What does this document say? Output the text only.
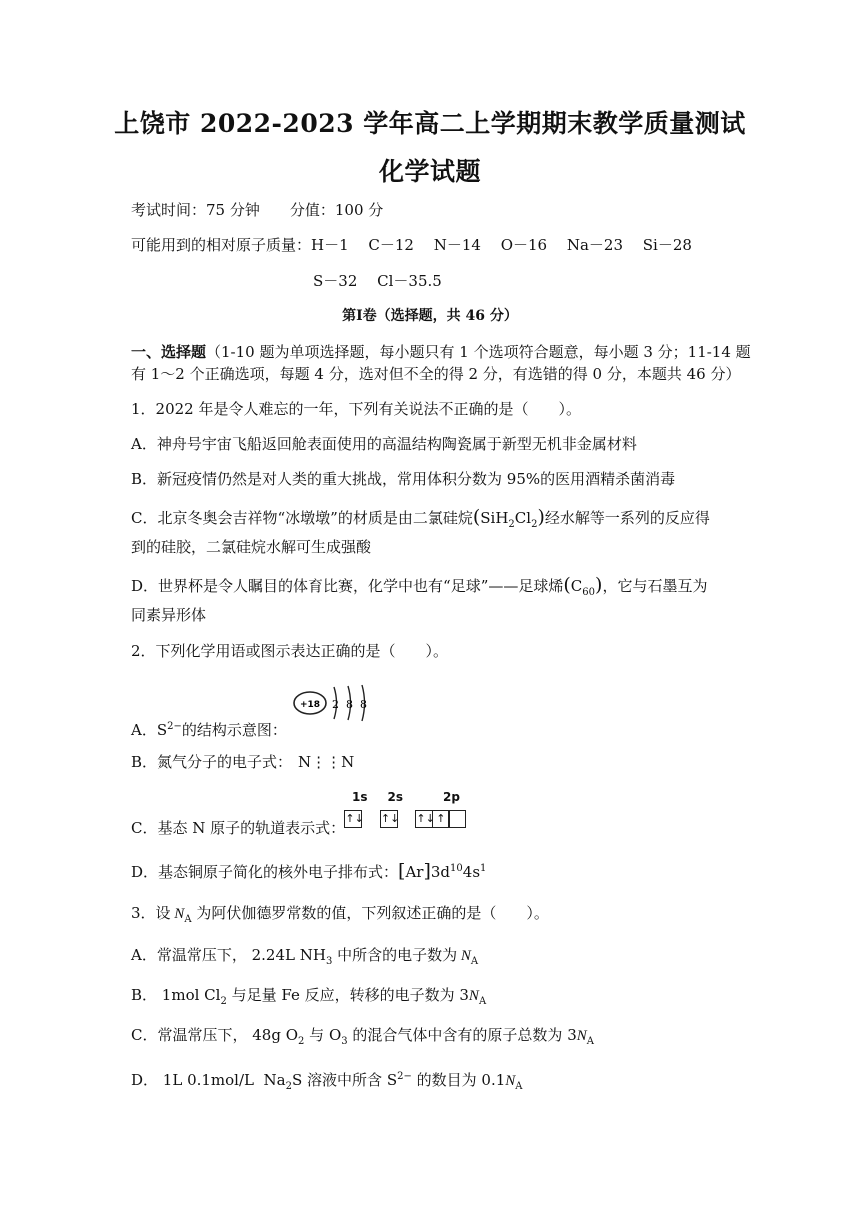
上饶市 2022-2023 学年高二上学期期末教学质量测试
化学试题
考试时间：75 分钟　　分值：100 分
可能用到的相对原子质量：H－1　 C－12　 N－14　 O－16　 Na－23　 Si－28
S－32　 Cl－35.5
第Ⅰ卷（选择题，共 46 分）
一、选择题（1-10 题为单项选择题，每小题只有 1 个选项符合题意，每小题 3 分；11-14 题
有 1～2 个正确选项，每题 4 分，选对但不全的得 2 分，有选错的得 0 分，本题共 46 分）
1．2022 年是令人难忘的一年，下列有关说法不正确的是（　　）。
A．神舟号宇宙飞船返回舱表面使用的高温结构陶瓷属于新型无机非金属材料
B．新冠疫情仍然是对人类的重大挑战，常用体积分数为 95%的医用酒精杀菌消毒
C．北京冬奥会吉祥物“冰墩墩”的材质是由二氯硅烷$(SiH_2Cl_2)$经水解等一系列的反应得
到的硅胶，二氯硅烷水解可生成强酸
D．世界杯是令人瞩目的体育比赛，化学中也有“足球”——足球烯$(C_{60})$，它与石墨互为
同素异形体
2．下列化学用语或图示表达正确的是（　　）。
A．$S^{2-}$的结构示意图：
+18 2 8 8
B．氮气分子的电子式： N⋮⋮N
C．基态 N 原子的轨道表示式：
1s
↑↓
2s
↑↓
2p
↑↓↑
D．基态铜原子简化的核外电子排布式：$[Ar]3d^{10}4s^1$
3．设 $N_A$ 为阿伏伽德罗常数的值，下列叙述正确的是（　　）。
A．常温常压下， 2.24L $NH_3$ 中所含的电子数为 $N_A$
B． 1mol $Cl_2$ 与足量 Fe 反应，转移的电子数为 $3N_A$
C．常温常压下， 48g $O_2$ 与 $O_3$ 的混合气体中含有的原子总数为 $3N_A$
D． 1L 0.1mol/L  $Na_2S$ 溶液中所含 $S^{2-}$ 的数目为 $0.1N_A$
